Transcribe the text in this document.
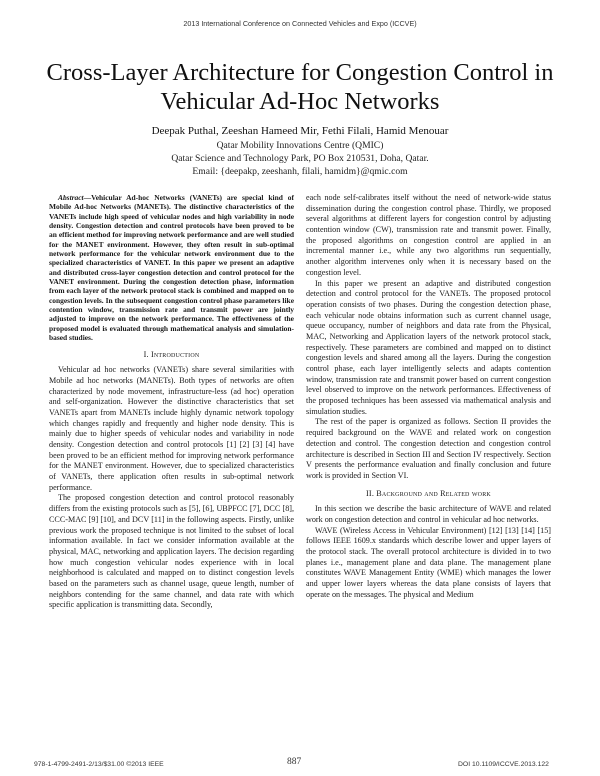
2013 International Conference on Connected Vehicles and Expo (ICCVE)
Cross-Layer Architecture for Congestion Control in Vehicular Ad-Hoc Networks
Deepak Puthal, Zeeshan Hameed Mir, Fethi Filali, Hamid Menouar
Qatar Mobility Innovations Centre (QMIC)
Qatar Science and Technology Park, PO Box 210531, Doha, Qatar.
Email: {deepakp, zeeshanh, filali, hamidm}@qmic.com

Abstract—Vehicular Ad-hoc Networks (VANETs) are special kind of Mobile Ad-hoc Networks (MANETs). The distinctive characteristics of the VANETs include high speed of vehicular nodes and high variability in node density. Congestion detection and control protocols have been proved to be an efficient method for improving network performance and are well studied for the MANET environment. However, they often result in sub-optimal network performance for the vehicular network environment due to the specialized characteristics of VANET. In this paper we present an adaptive and distributed cross-layer congestion detection and control protocol for the VANET environment. During the congestion detection phase, information from each layer of the network protocol stack is combined and mapped on to congestion levels. In the subsequent congestion control phase parameters like contention window, transmission rate and transmit power are jointly adjusted to improve on the network performance. The effectiveness of the proposed model is evaluated through mathematical analysis and simulation-based studies.

I. Introduction

Vehicular ad hoc networks (VANETs) share several similarities with Mobile ad hoc networks (MANETs). Both types of networks are often characterized by node movement, infrastructure-less (ad hoc) operation and self-organization. However the distinctive characteristics that set VANETs apart from MANETs include highly dynamic network topology which changes rapidly and frequently and higher node density. This is mainly due to higher speeds of vehicular nodes and variability in node density. Congestion detection and control protocols [1] [2] [3] [4] have been proved to be an efficient method for improving network performance for the MANET environment. However, due to specialized characteristics of VANETs, there application often results in sub-optimal network performance.

The proposed congestion detection and control protocol reasonably differs from the existing protocols such as [5], [6], UBPFCC [7], DCC [8], CCC-MAC [9] [10], and DCV [11] in the following aspects. Firstly, unlike previous work the proposed technique is not limited to the subset of local information available. In fact we consider information available at the physical, MAC, networking and application layers. The decision regarding how much congestion vehicular nodes experience with in local neighborhood is calculated and mapped on to distinct congestion levels based on the parameters such as channel usage, queue length, number of neighbors contending for the same channel, and data rate with which specific application is transmitting data. Secondly,

each node self-calibrates itself without the need of network-wide status dissemination during the congestion control phase. Thirdly, we proposed several algorithms at different layers for congestion control by adjusting contention window (CW), transmission rate and transmit power. Finally, the proposed algorithms on congestion control are applied in an incremental manner i.e., while any two algorithms run sequentially, another algorithm intervenes only when it is necessary based on the congestion level.

In this paper we present an adaptive and distributed congestion detection and control protocol for the VANETs. The proposed protocol operation consists of two phases. During the congestion detection phase, each vehicular node obtains information such as current channel usage, queue occupancy, number of neighbors and data rate from the Physical, MAC, Networking and Application layers of the network protocol stack, respectively. These parameters are combined and mapped on to distinct congestion levels and shared among all the layers. During the congestion control phase, each layer intelligently selects and adapts contention window, transmission rate and transmit power based on current congestion level observed to improve on the network performances. Effectiveness of the proposed techniques has been assessed via mathematical analysis and simulation studies.

The rest of the paper is organized as follows. Section II provides the required background on the WAVE and related work on congestion detection and control. The congestion detection and congestion control architecture is described in Section III and Section IV respectively. Section V presents the performance evaluation and finally conclusion and future work is provided in Section VI.

II. Background and Related work

In this section we describe the basic architecture of WAVE and related work on congestion detection and control in vehicular ad hoc networks.

WAVE (Wireless Access in Vehicular Environment) [12] [13] [14] [15] follows IEEE 1609.x standards which describe lower and upper layers of the protocol stack. The overall protocol architecture is divided in to two planes i.e., management plane and data plane. The management plane constitutes WAVE Management Entity (WME) which manages the lower and upper lower layers whereas the data plane consists of layers that operate on the messages. The physical and Medium

978-1-4799-2491-2/13/$31.00 ©2013 IEEE	887	DOI 10.1109/ICCVE.2013.122
